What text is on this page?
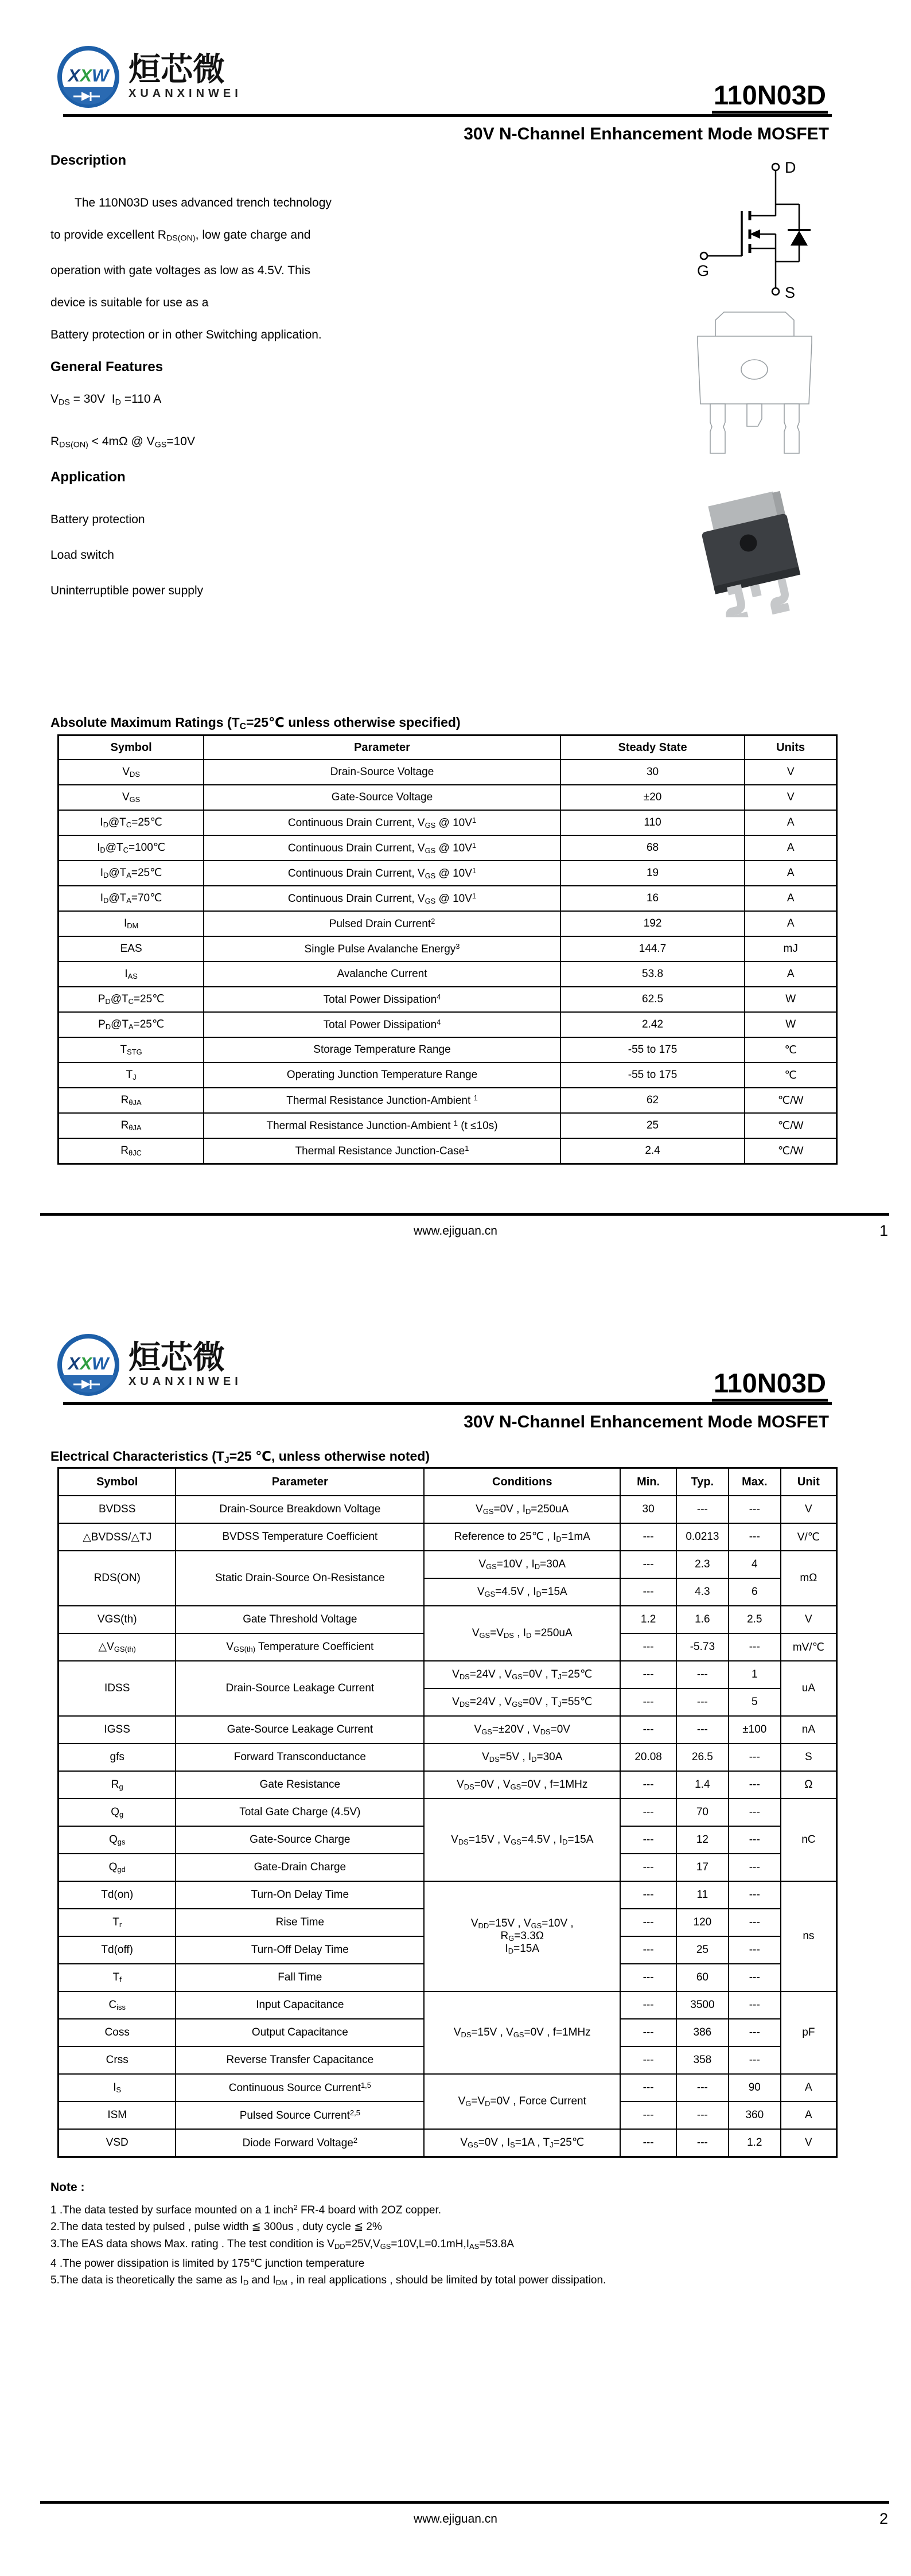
XXW 烜芯微
XUANXINWEI	110N03D
30V N-Channel Enhancement Mode MOSFET
Description
The 110N03D uses advanced trench technology
to provide excellent $R_{DS(ON)}$, low gate charge and
operation with gate voltages as low as 4.5V. This
device is suitable for use as a
Battery protection or in other Switching application.
General Features
$V_{DS} = 30V$  $I_D =110$ A
$R_{DS(ON)} < 4m\Omega$ @ $V_{GS}=10V$
Application
Battery protection
Load switch
Uninterruptible power supply
D
G
S
Absolute Maximum Ratings ($T_C=25℃$ unless otherwise specified)
Symbol	Parameter	Steady State	Units
$V_{DS}$	Drain-Source Voltage	30	V
$V_{GS}$	Gate-Source Voltage	±20	V
$I_D@T_C=25℃$	Continuous Drain Current, $V_{GS}$ @ $10V^1$	110	A
$I_D@T_C=100℃$	Continuous Drain Current, $V_{GS}$ @ $10V^1$	68	A
$I_D@T_A=25℃$	Continuous Drain Current, $V_{GS}$ @ $10V^1$	19	A
$I_D@T_A=70℃$	Continuous Drain Current, $V_{GS}$ @ $10V^1$	16	A
$I_{DM}$	Pulsed Drain Current$^2$	192	A
EAS	Single Pulse Avalanche Energy$^3$	144.7	mJ
$I_{AS}$	Avalanche Current	53.8	A
$P_D@T_C=25℃$	Total Power Dissipation$^4$	62.5	W
$P_D@T_A=25℃$	Total Power Dissipation$^4$	2.42	W
$T_{STG}$	Storage Temperature Range	-55 to 175	℃
$T_J$	Operating Junction Temperature Range	-55 to 175	℃
$R_{\theta JA}$	Thermal Resistance Junction-Ambient $^1$	62	℃/W
$R_{\theta JA}$	Thermal Resistance Junction-Ambient $^1$ (t ≤10s)	25	℃/W
$R_{\theta JC}$	Thermal Resistance Junction-Case$^1$	2.4	℃/W
www.ejiguan.cn	1
XXW 烜芯微
XUANXINWEI	110N03D
30V N-Channel Enhancement Mode MOSFET
Electrical Characteristics ($T_J=25$ ℃, unless otherwise noted)
Symbol	Parameter	Conditions	Min.	Typ.	Max.	Unit
BVDSS	Drain-Source Breakdown Voltage	$V_{GS}=0V$ , $I_D=250uA$	30	---	---	V
△BVDSS/△TJ	BVDSS Temperature Coefficient	Reference to 25℃ , $I_D=1mA$	---	0.0213	---	V/℃
RDS(ON)	Static Drain-Source On-Resistance	$V_{GS}=10V$ , $I_D=30A$	---	2.3	4	mΩ
		$V_{GS}=4.5V$ , $I_D=15A$	---	4.3	6	
VGS(th)	Gate Threshold Voltage	$V_{GS}=V_{DS}$ , $I_D =250uA$	1.2	1.6	2.5	V
$\triangle V_{GS(th)}$	$V_{GS(th)}$ Temperature Coefficient		---	-5.73	---	mV/℃
IDSS	Drain-Source Leakage Current	$V_{DS}=24V$ , $V_{GS}=0V$ , $T_J=25℃$	---	---	1	uA
		$V_{DS}=24V$ , $V_{GS}=0V$ , $T_J=55℃$	---	---	5	
IGSS	Gate-Source Leakage Current	$V_{GS}=\pm 20V$ , $V_{DS}=0V$	---	---	±100	nA
gfs	Forward Transconductance	$V_{DS}=5V$ , $I_D=30A$	20.08	26.5	---	S
$R_g$	Gate Resistance	$V_{DS}=0V$ , $V_{GS}=0V$ , f=1MHz	---	1.4	---	Ω
$Q_g$	Total Gate Charge (4.5V)	$V_{DS}=15V$ , $V_{GS}=4.5V$ , $I_D=15A$	---	70	---	nC
$Q_{gs}$	Gate-Source Charge		---	12	---	
$Q_{gd}$	Gate-Drain Charge		---	17	---	
Td(on)	Turn-On Delay Time	$V_{DD}=15V$ , $V_{GS}=10V$ ,
$R_G=3.3\Omega$
$I_D=15A$	---	11	---	ns
$T_r$	Rise Time		---	120	---	
Td(off)	Turn-Off Delay Time		---	25	---	
$T_f$	Fall Time		---	60	---	
$C_{iss}$	Input Capacitance	$V_{DS}=15V$ , $V_{GS}=0V$ , f=1MHz	---	3500	---	pF
Coss	Output Capacitance		---	386	---	
Crss	Reverse Transfer Capacitance		---	358	---	
$I_S$	Continuous Source Current$^{1,5}$	$V_G=V_D=0V$ , Force Current	---	---	90	A
ISM	Pulsed Source Current$^{2,5}$		---	---	360	A
VSD	Diode Forward Voltage$^2$	$V_{GS}=0V$ , $I_S=1A$ , $T_J=25℃$	---	---	1.2	V
Note :
1 .The data tested by surface mounted on a 1 inch$^2$ FR-4 board with 2OZ copper.
2.The data tested by pulsed , pulse width ≦ 300us , duty cycle ≦ 2%
3.The EAS data shows Max. rating . The test condition is $V_{DD}=25V,V_{GS}=10V,L=0.1mH,I_{AS}=53.8A$
4 .The power dissipation is limited by 175℃ junction temperature
5.The data is theoretically the same as $I_D$ and $I_{DM}$ , in real applications , should be limited by total power dissipation.
www.ejiguan.cn	2
